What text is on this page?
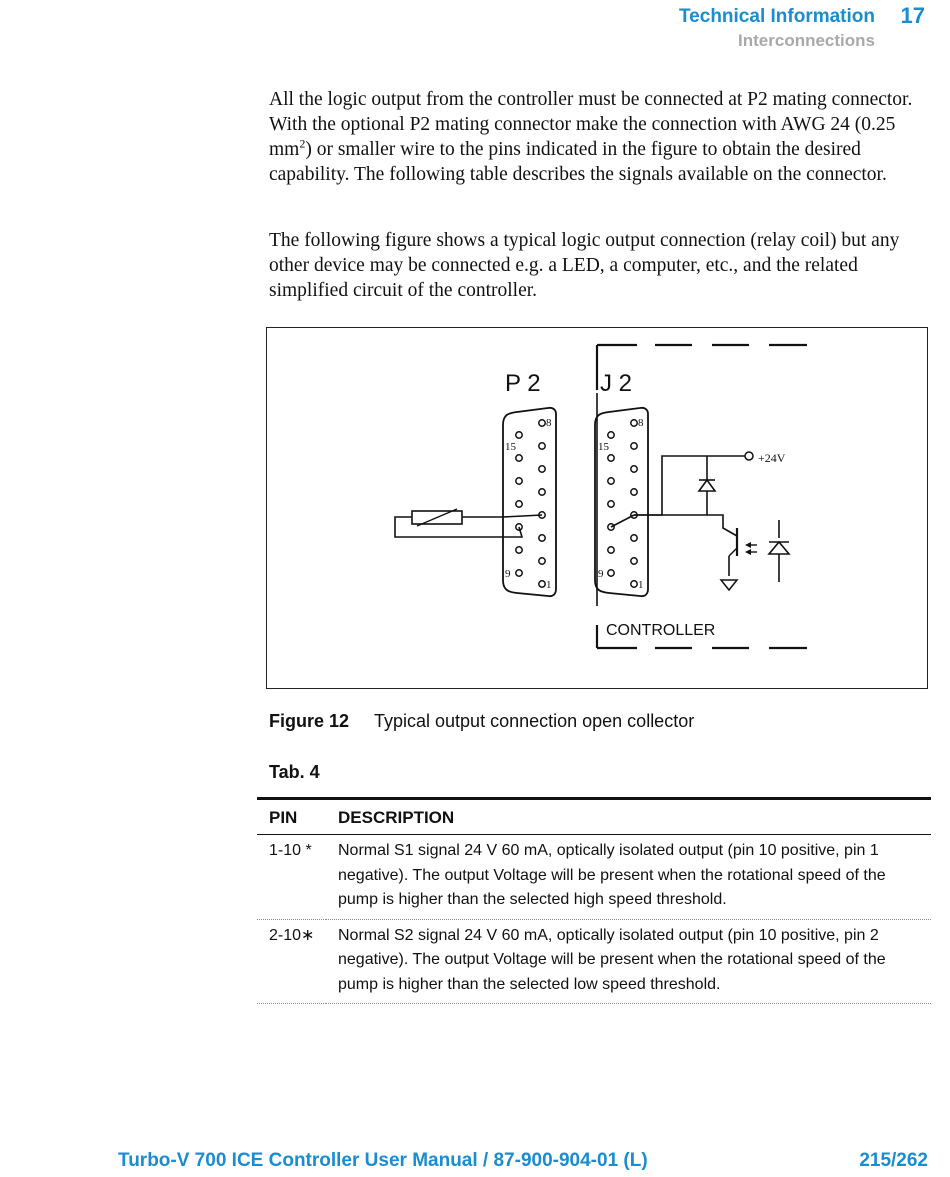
Technical Information 17
Interconnections

All the logic output from the controller must be connected at P2 mating connector. With the optional P2 mating connector make the connection with AWG 24 (0.25 $mm^2$) or smaller wire to the pins indicated in the figure to obtain the desired capability. The following table describes the signals available on the connector.

The following figure shows a typical logic output connection (relay coil) but any other device may be connected e.g. a LED, a computer, etc., and the related simplified circuit of the controller.

P 2 J 2
CONTROLLER
8
15
9
1
8
15
9
1
+24V
Figure 12 Typical output connection open collector
Tab. 4
PIN	DESCRIPTION
1-10 *	Normal S1 signal 24 V 60 mA, optically isolated output (pin 10 positive, pin 1 negative). The output Voltage will be present when the rotational speed of the pump is higher than the selected high speed threshold.
2-10∗	Normal S2 signal 24 V 60 mA, optically isolated output (pin 10 positive, pin 2 negative). The output Voltage will be present when the rotational speed of the pump is higher than the selected low speed threshold.
Turbo-V 700 ICE Controller User Manual / 87-900-904-01 (L)	215/262
